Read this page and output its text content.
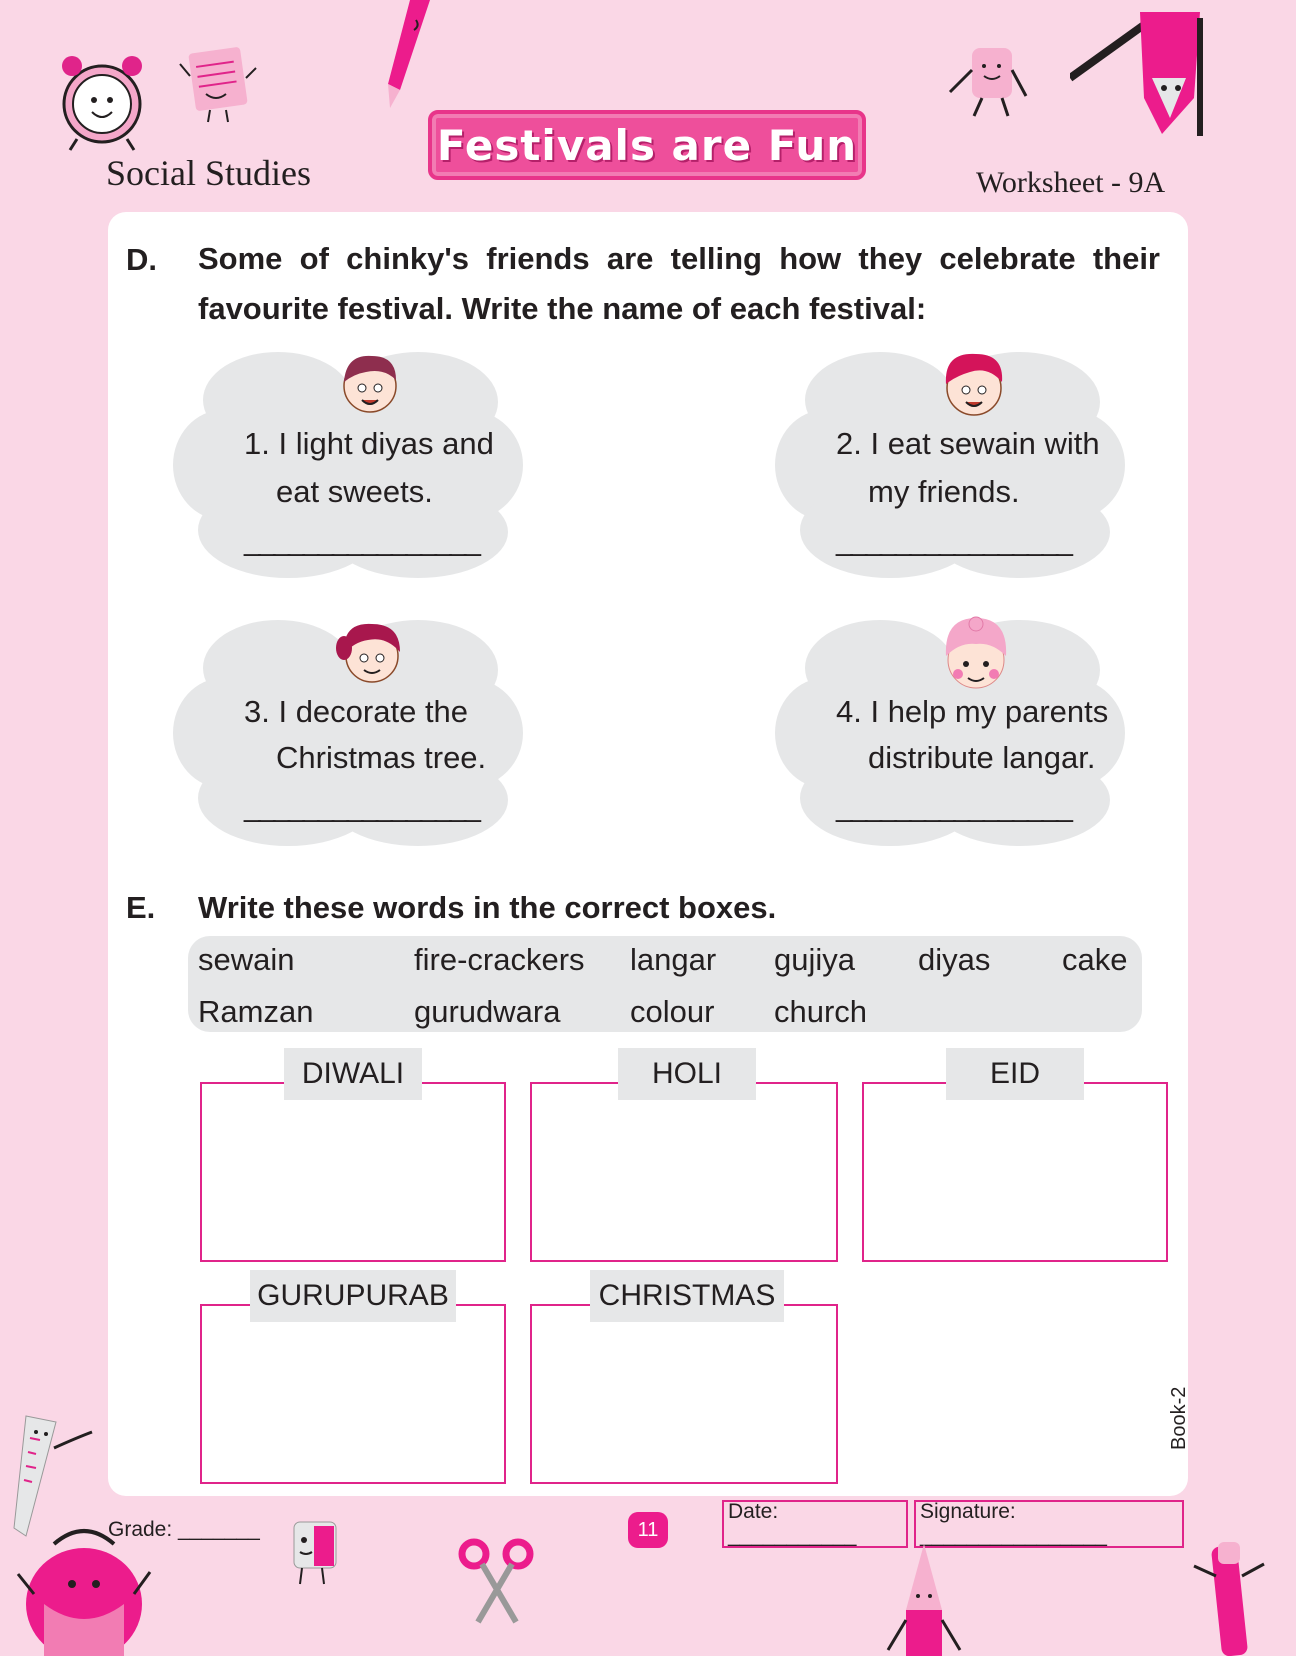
Social Studies
Festivals are Fun
Worksheet - 9A
D. Some of chinky's friends are telling how they celebrate their favourite festival. Write the name of each festival:
1. I light diyas and
eat sweets.
________________
2. I eat sewain with
my friends.
________________
3. I decorate the
Christmas tree.
________________
4. I help my parents
distribute langar.
________________
E. Write these words in the correct boxes.
sewain	fire-crackers langar gujiya diyas cake
Ramzan	gurudwara colour church
DIWALI	HOLI	EID
GURUPURAB	CHRISTMAS
Book-2
Grade: _______	11
Date: ___________
Signature: ________________
